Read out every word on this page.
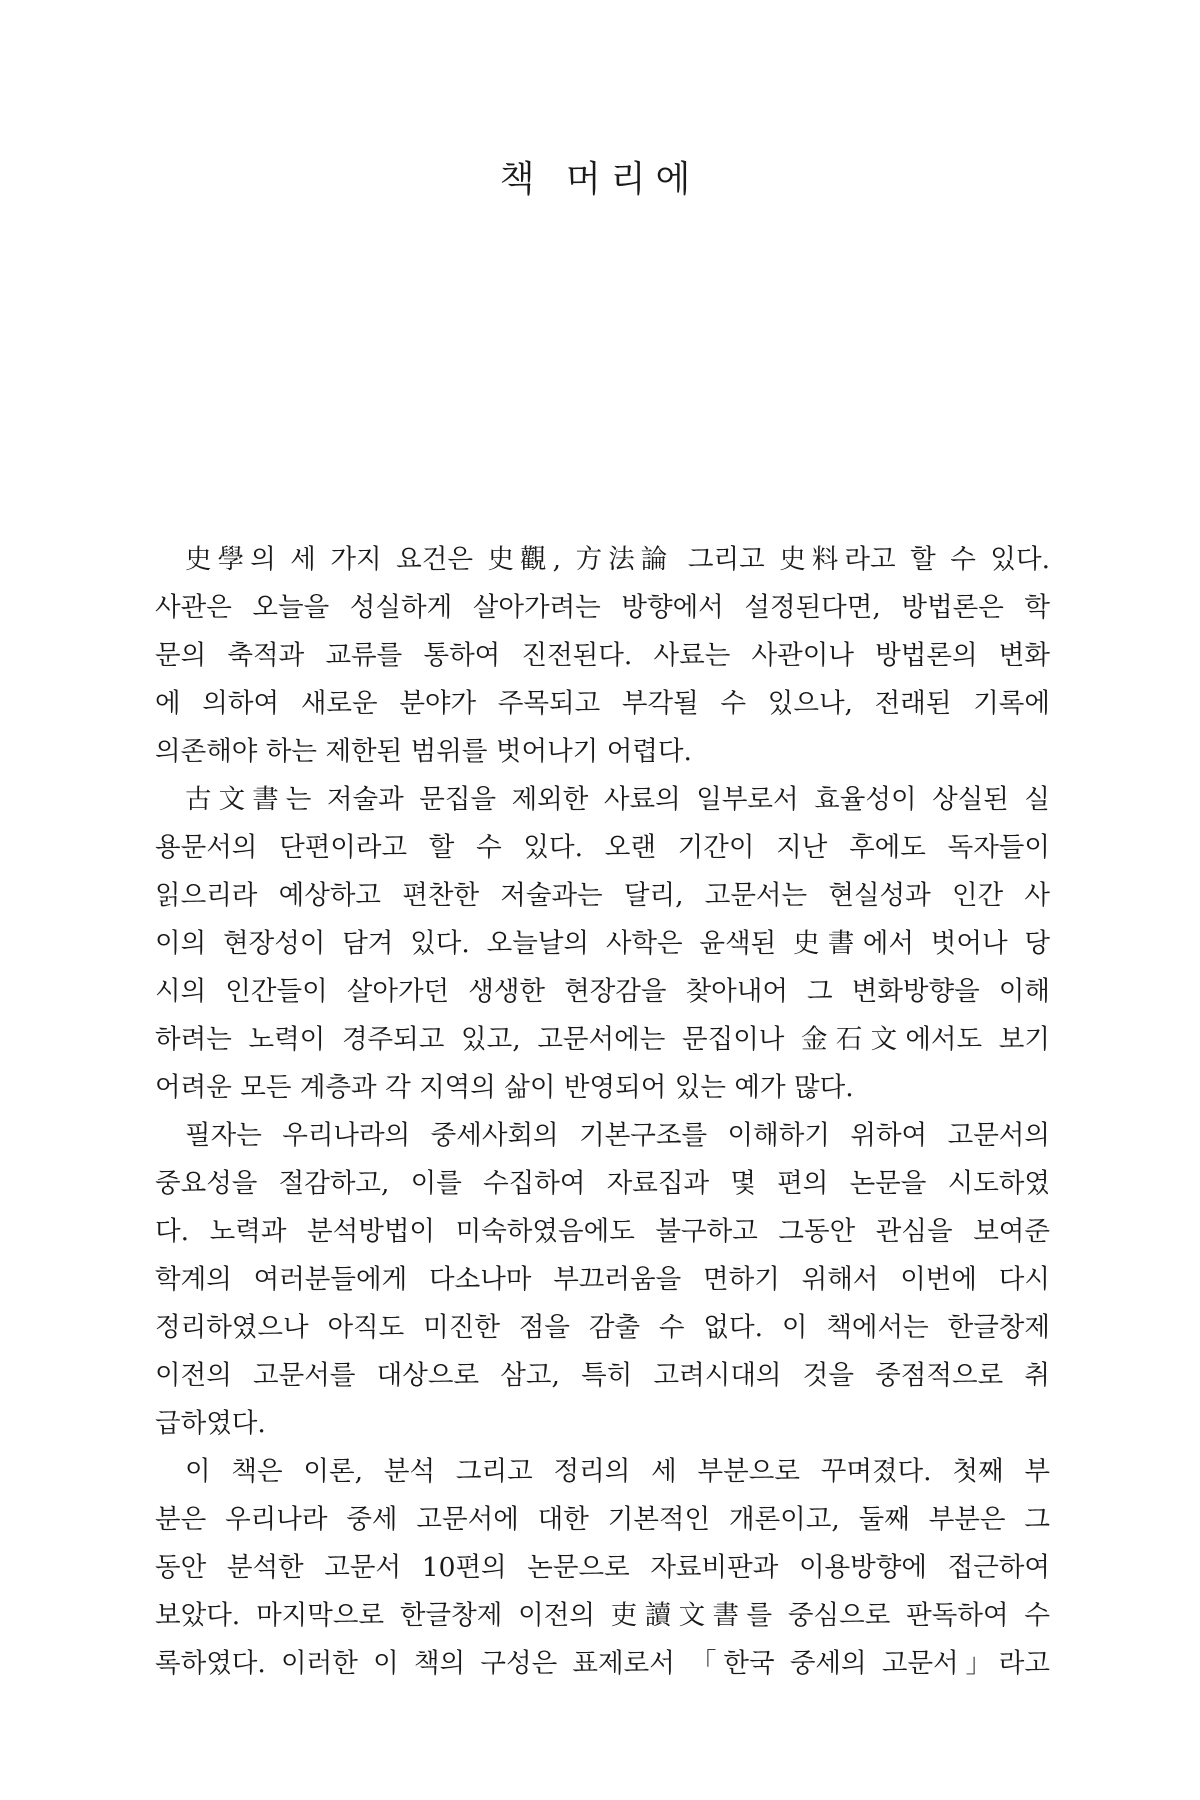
책 머리에
史學의 세 가지 요건은 史觀, 方法論 그리고 史料라고 할 수 있다.
사관은 오늘을 성실하게 살아가려는 방향에서 설정된다면, 방법론은 학
문의 축적과 교류를 통하여 진전된다. 사료는 사관이나 방법론의 변화
에 의하여 새로운 분야가 주목되고 부각될 수 있으나, 전래된 기록에
의존해야 하는 제한된 범위를 벗어나기 어렵다.
古文書는 저술과 문집을 제외한 사료의 일부로서 효율성이 상실된 실
용문서의 단편이라고 할 수 있다. 오랜 기간이 지난 후에도 독자들이
읽으리라 예상하고 편찬한 저술과는 달리, 고문서는 현실성과 인간 사
이의 현장성이 담겨 있다. 오늘날의 사학은 윤색된 史書에서 벗어나 당
시의 인간들이 살아가던 생생한 현장감을 찾아내어 그 변화방향을 이해
하려는 노력이 경주되고 있고, 고문서에는 문집이나 金石文에서도 보기
어려운 모든 계층과 각 지역의 삶이 반영되어 있는 예가 많다.
필자는 우리나라의 중세사회의 기본구조를 이해하기 위하여 고문서의
중요성을 절감하고, 이를 수집하여 자료집과 몇 편의 논문을 시도하였
다. 노력과 분석방법이 미숙하였음에도 불구하고 그동안 관심을 보여준
학계의 여러분들에게 다소나마 부끄러움을 면하기 위해서 이번에 다시
정리하였으나 아직도 미진한 점을 감출 수 없다. 이 책에서는 한글창제
이전의 고문서를 대상으로 삼고, 특히 고려시대의 것을 중점적으로 취
급하였다.
이 책은 이론, 분석 그리고 정리의 세 부분으로 꾸며졌다. 첫째 부
분은 우리나라 중세 고문서에 대한 기본적인 개론이고, 둘째 부분은 그
동안 분석한 고문서 10편의 논문으로 자료비판과 이용방향에 접근하여
보았다. 마지막으로 한글창제 이전의 吏讀文書를 중심으로 판독하여 수
록하였다. 이러한 이 책의 구성은 표제로서 「한국 중세의 고문서」라고
